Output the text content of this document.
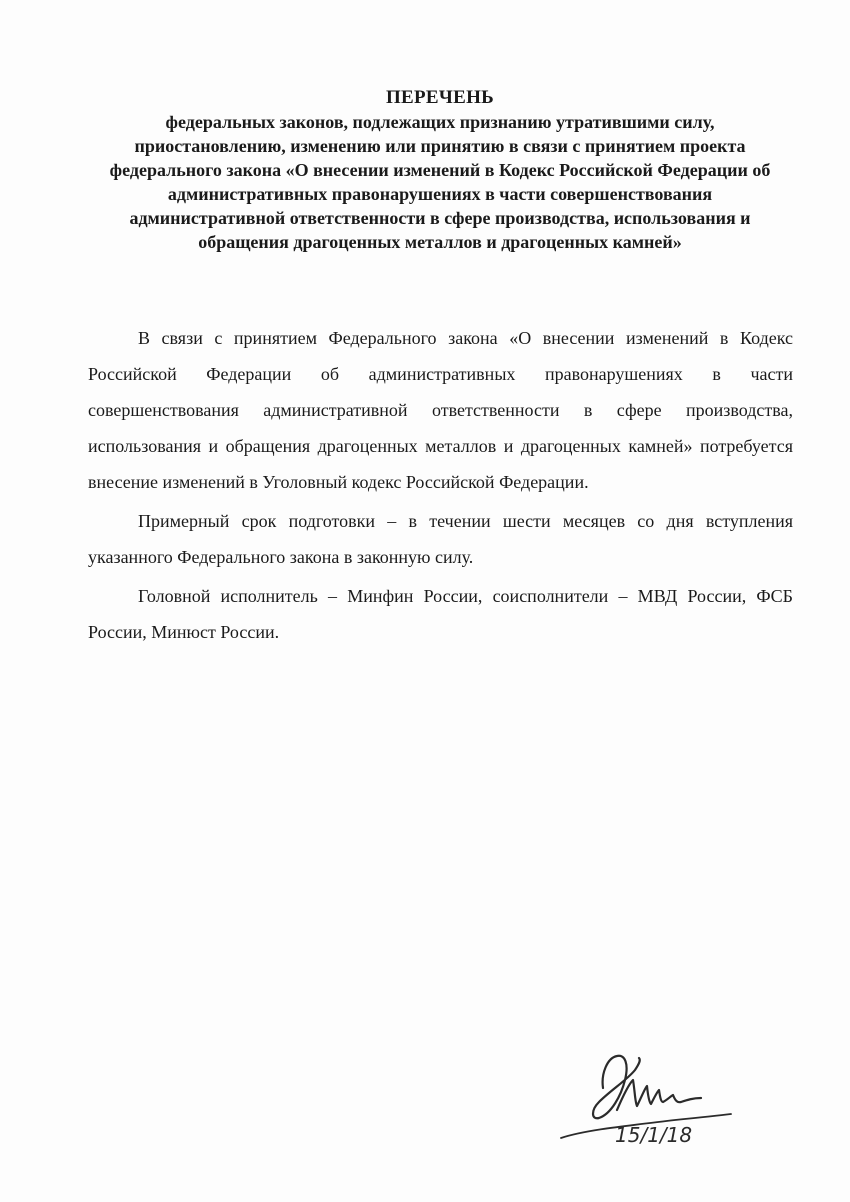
ПЕРЕЧЕНЬ
федеральных законов, подлежащих признанию утратившими силу, приостановлению, изменению или принятию в связи с принятием проекта федерального закона «О внесении изменений в Кодекс Российской Федерации об административных правонарушениях в части совершенствования административной ответственности в сфере производства, использования и обращения драгоценных металлов и драгоценных камней»

В связи с принятием Федерального закона «О внесении изменений в Кодекс Российской Федерации об административных правонарушениях в части совершенствования административной ответственности в сфере производства, использования и обращения драгоценных металлов и драгоценных камней» потребуется внесение изменений в Уголовный кодекс Российской Федерации.

Примерный срок подготовки – в течении шести месяцев со дня вступления указанного Федерального закона в законную силу.

Головной исполнитель – Минфин России, соисполнители – МВД России, ФСБ России, Минюст России.

15/1/18
